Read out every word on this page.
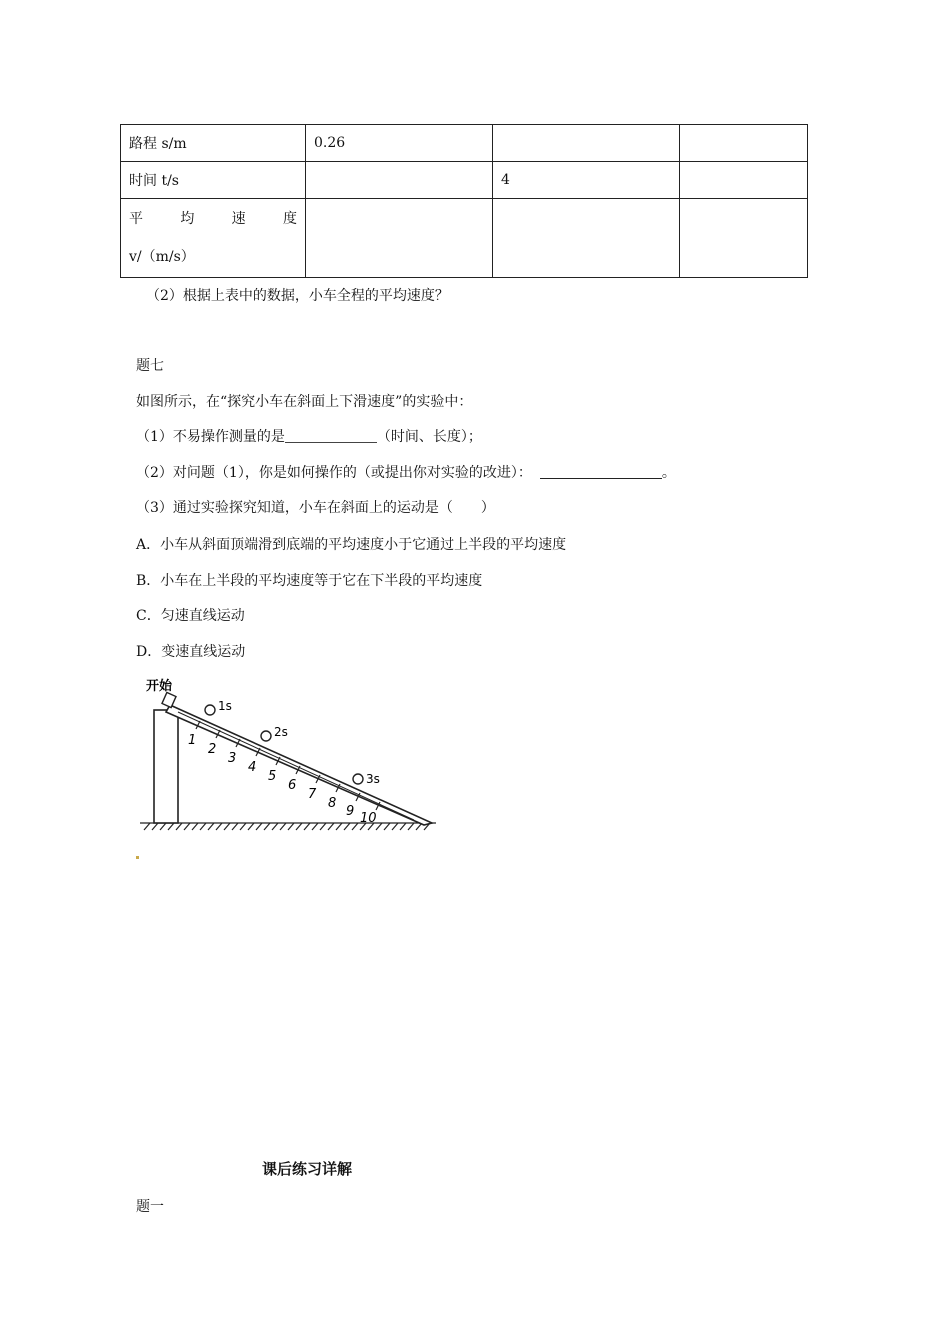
路程 s/m	0.26		
时间 t/s		4	

平 均 速 度
v/（m/s）			

（2）根据上表中的数据，小车全程的平均速度？
题七
如图所示，在“探究小车在斜面上下滑速度”的实验中：
（1）不易操作测量的是	（时间、长度）；
（2）对问题（1），你是如何操作的（或提出你对实验的改进）：	。
（3）通过实验探究知道，小车在斜面上的运动是（　　）
A．小车从斜面顶端滑到底端的平均速度小于它通过上半段的平均速度
B．小车在上半段的平均速度等于它在下半段的平均速度
C．匀速直线运动
D．变速直线运动
开始
1s
2s
3s
1
2
3
4
5
6
7
8
9 10
课后练习详解
题一
